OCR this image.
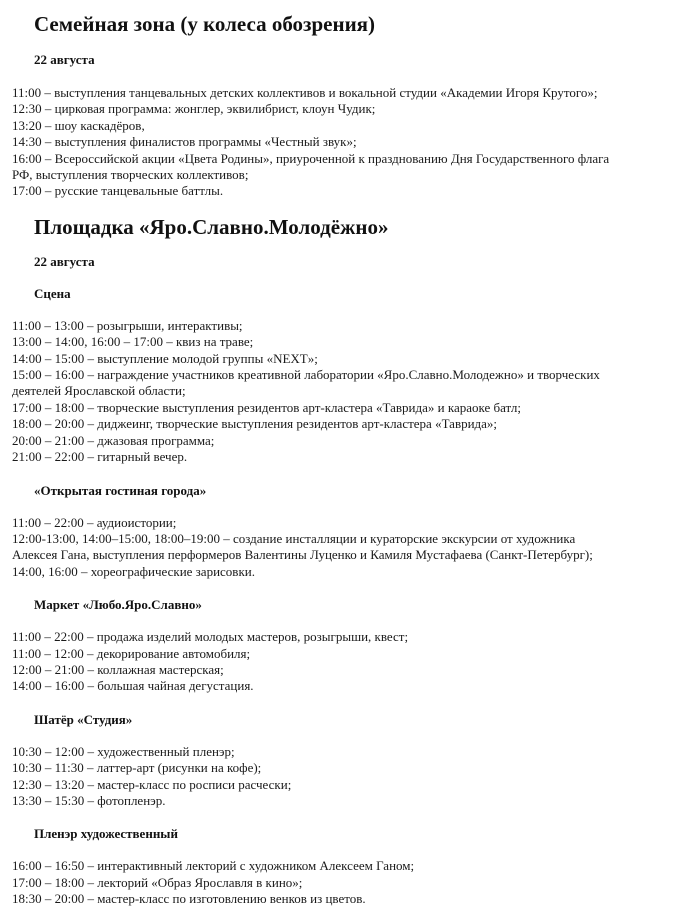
Семейная зона (у колеса обозрения)

22 августа

11:00 – выступления танцевальных детских коллективов и вокальной студии «Академии Игоря Крутого»;
12:30 – цирковая программа: жонглер, эквилибрист, клоун Чудик;
13:20 – шоу каскадёров,
14:30 – выступления финалистов программы «Честный звук»;
16:00 – Всероссийской акции «Цвета Родины», приуроченной к празднованию Дня Государственного флага
РФ, выступления творческих коллективов;
17:00 – русские танцевальные баттлы.
Площадка «Яро.Славно.Молодёжно»

22 августа

Сцена

11:00 – 13:00 – розыгрыши, интерактивы;
13:00 – 14:00, 16:00 – 17:00 – квиз на траве;
14:00 – 15:00 – выступление молодой группы «NEXT»;
15:00 – 16:00 – награждение участников креативной лаборатории «Яро.Славно.Молодежно» и творческих
деятелей Ярославской области;
17:00 – 18:00 – творческие выступления резидентов арт-кластера «Таврида» и караоке батл;
18:00 – 20:00 – диджеинг, творческие выступления резидентов арт-кластера «Таврида»;
20:00 – 21:00 – джазовая программа;
21:00 – 22:00 – гитарный вечер.

«Открытая гостиная города»

11:00 – 22:00 – аудиоистории;
12:00-13:00, 14:00–15:00, 18:00–19:00 – создание инсталляции и кураторские экскурсии от художника
Алексея Гана, выступления перформеров Валентины Луценко и Камиля Мустафаева (Санкт-Петербург);
14:00, 16:00 – хореографические зарисовки.

Маркет «Любо.Яро.Славно»

11:00 – 22:00 – продажа изделий молодых мастеров, розыгрыши, квест;
11:00 – 12:00 – декорирование автомобиля;
12:00 – 21:00 – коллажная мастерская;
14:00 – 16:00 – большая чайная дегустация.

Шатёр «Студия»

10:30 – 12:00 – художественный пленэр;
10:30 – 11:30 – латтер-арт (рисунки на кофе);
12:30 – 13:20 – мастер-класс по росписи расчески;
13:30 – 15:30 – фотопленэр.

Пленэр художественный

16:00 – 16:50 – интерактивный лекторий с художником Алексеем Ганом;
17:00 – 18:00 – лекторий «Образ Ярославля в кино»;
18:30 – 20:00 – мастер-класс по изготовлению венков из цветов.
